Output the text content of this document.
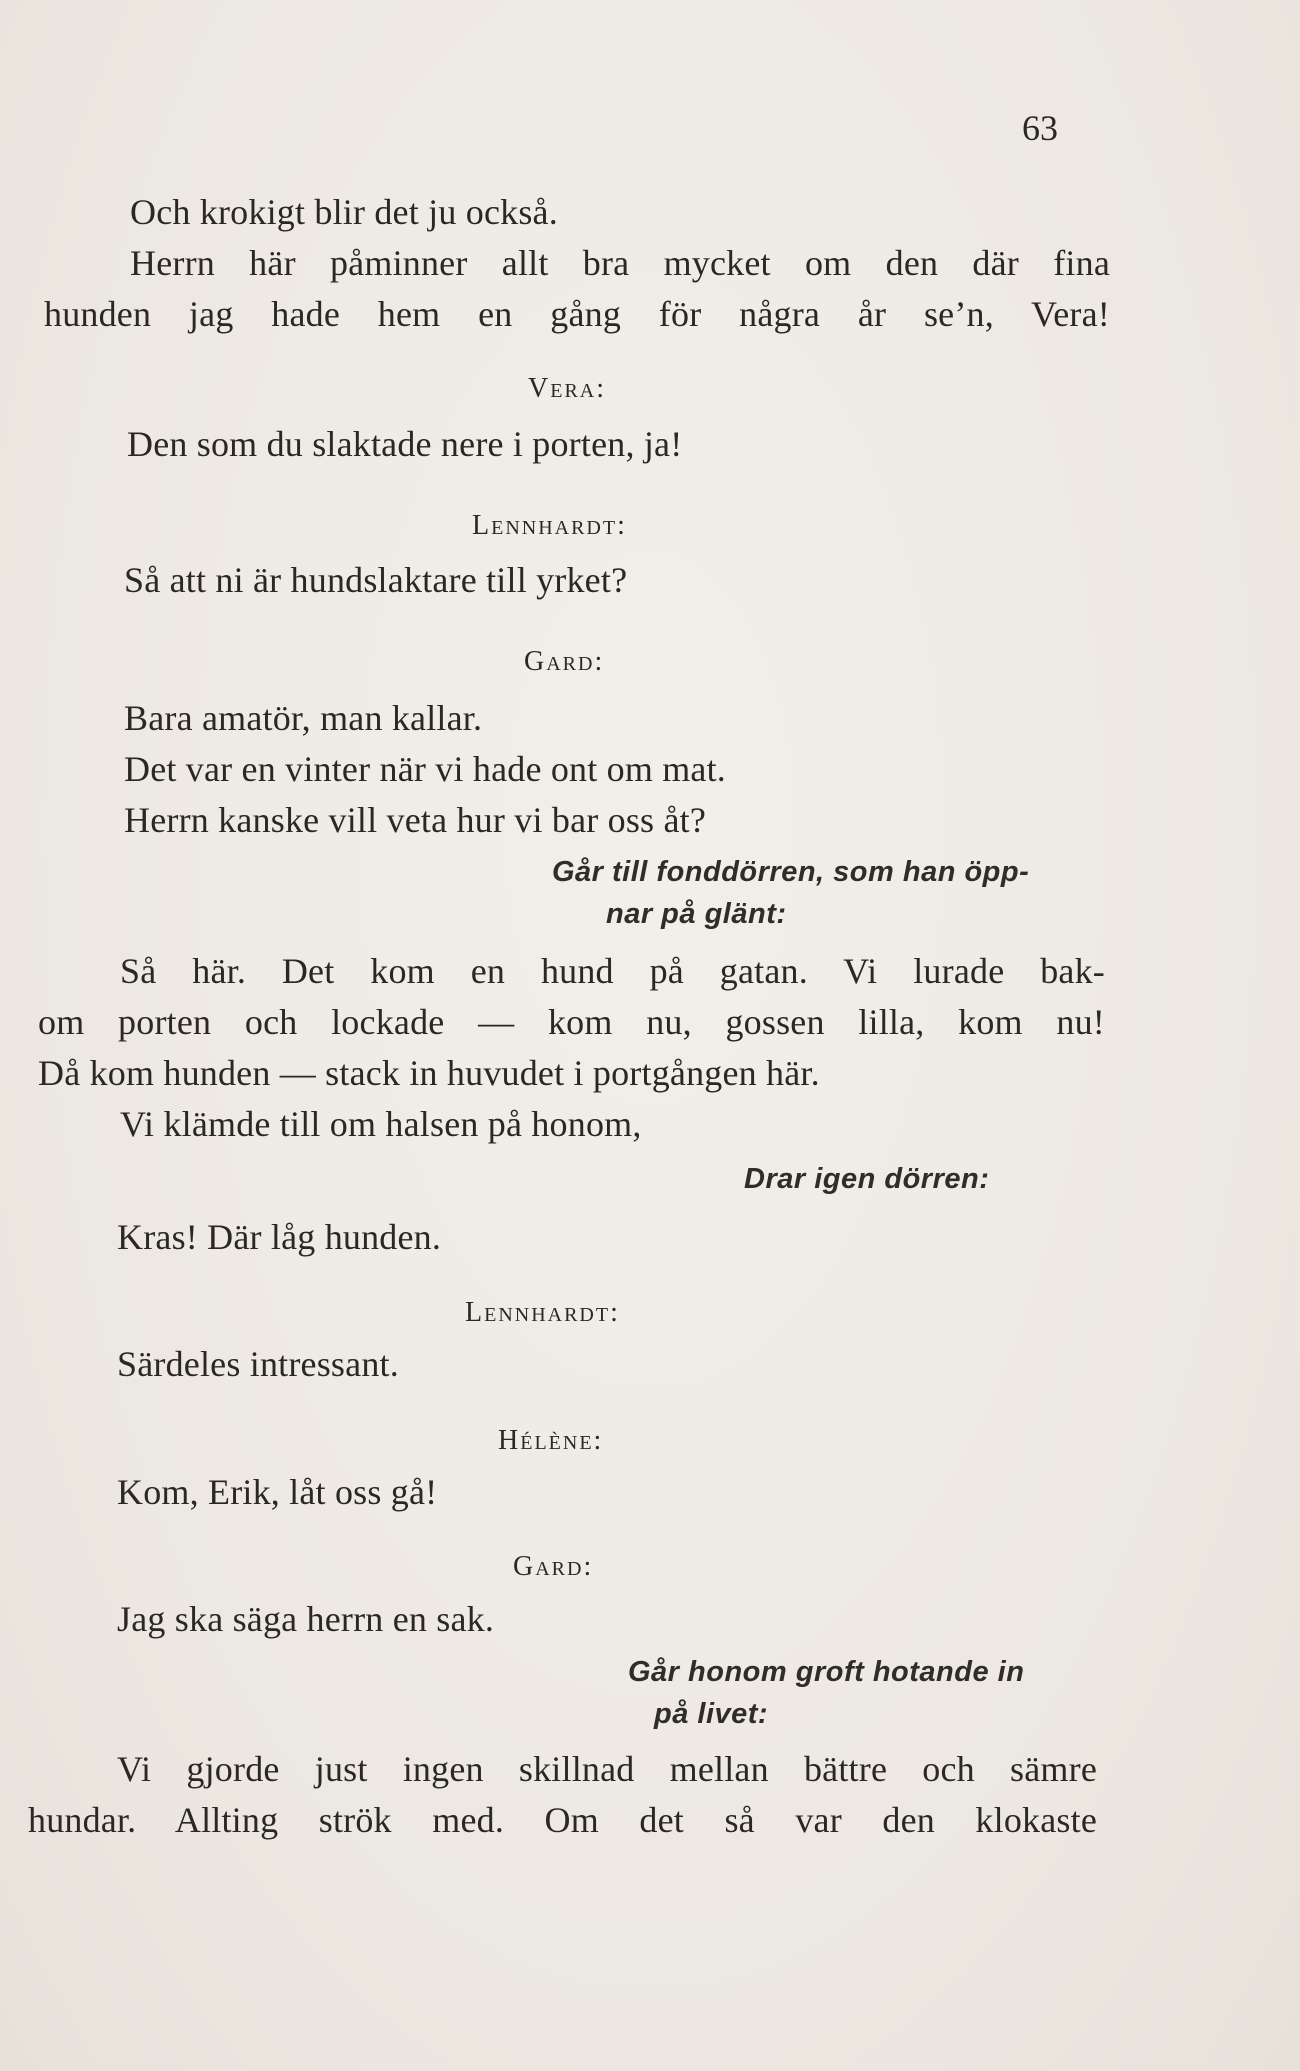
63
Och krokigt blir det ju också.
Herrn här påminner allt bra mycket om den där fina
hunden jag hade hem en gång för några år se’n, Vera!
Vera:
Den som du slaktade nere i porten, ja!
Lennhardt:
Så att ni är hundslaktare till yrket?
Gard:
Bara amatör, man kallar.
Det var en vinter när vi hade ont om mat.
Herrn kanske vill veta hur vi bar oss åt?
Går till fonddörren, som han öpp-
nar på glänt:
Så här. Det kom en hund på gatan. Vi lurade bak-
om porten och lockade — kom nu, gossen lilla, kom nu!
Då kom hunden — stack in huvudet i portgången här.
Vi klämde till om halsen på honom,
Drar igen dörren:
Kras! Där låg hunden.
Lennhardt:
Särdeles intressant.
Hélène:
Kom, Erik, låt oss gå!
Gard:
Jag ska säga herrn en sak.
Går honom groft hotande in
på livet:
Vi gjorde just ingen skillnad mellan bättre och sämre
hundar. Allting strök med. Om det så var den klokaste
